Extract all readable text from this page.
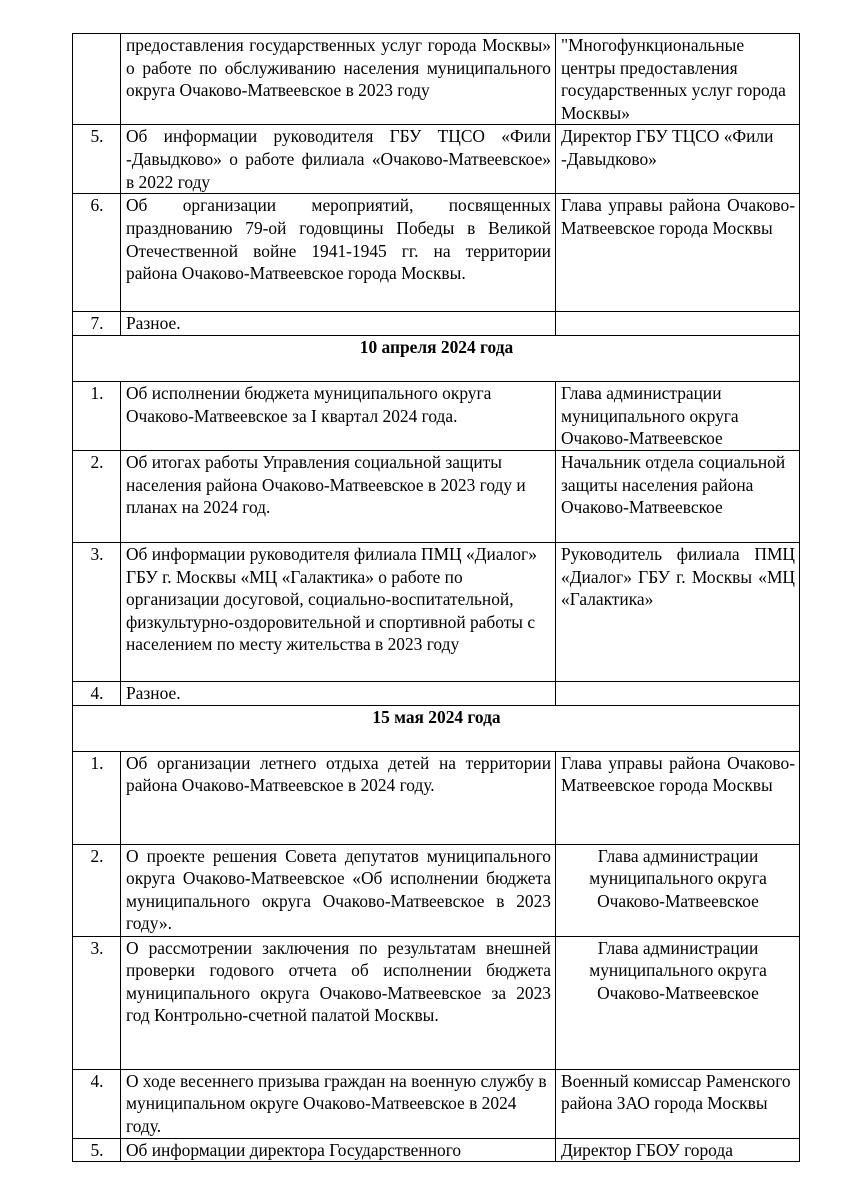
	предоставления государственных услуг города Москвы» о работе по обслуживанию населения муниципального округа Очаково-Матвеевское в 2023 году	"Многофункциональные центры предоставления государственных услуг города Москвы»
5.	Об информации руководителя ГБУ ТЦСО «Фили -Давыдково» о работе филиала «Очаково-Матвеевское» в 2022 году	Директор ГБУ ТЦСО «Фили -Давыдково»
6.	Об организации мероприятий, посвященных празднованию 79-ой годовщины Победы в Великой Отечественной войне 1941-1945 гг. на территории района Очаково-Матвеевское города Москвы.	Глава управы района Очаково-Матвеевское города Москвы
7.	Разное.	
10 апреля 2024 года		
1.	Об исполнении бюджета муниципального округа Очаково-Матвеевское за I квартал 2024 года.	Глава администрации муниципального округа Очаково-Матвеевское
2.	Об итогах работы Управления социальной защиты населения района Очаково-Матвеевское в 2023 году и планах на 2024 год.	Начальник отдела социальной защиты населения района Очаково-Матвеевское
3.	Об информации руководителя филиала ПМЦ «Диалог» ГБУ г. Москвы «МЦ «Галактика» о работе по организации досуговой, социально-воспитательной, физкультурно-оздоровительной и спортивной работы с населением по месту жительства в 2023 году	Руководитель филиала ПМЦ «Диалог» ГБУ г. Москвы «МЦ «Галактика»
4.	Разное.	
15 мая 2024 года		
1.	Об организации летнего отдыха детей на территории района Очаково-Матвеевское в 2024 году.	Глава управы района Очаково-Матвеевское города Москвы
2.	О проекте решения Совета депутатов муниципального округа Очаково-Матвеевское «Об исполнении бюджета муниципального округа Очаково-Матвеевское в 2023 году».	Глава администрации муниципального округа Очаково-Матвеевское
3.	О рассмотрении заключения по результатам внешней проверки годового отчета об исполнении бюджета муниципального округа Очаково-Матвеевское за 2023 год Контрольно-счетной палатой Москвы.	Глава администрации муниципального округа Очаково-Матвеевское
4.	О ходе весеннего призыва граждан на военную службу в муниципальном округе Очаково-Матвеевское в 2024 году.	Военный комиссар Раменского района ЗАО города Москвы
5.	Об информации директора Государственного	Директор ГБОУ города
